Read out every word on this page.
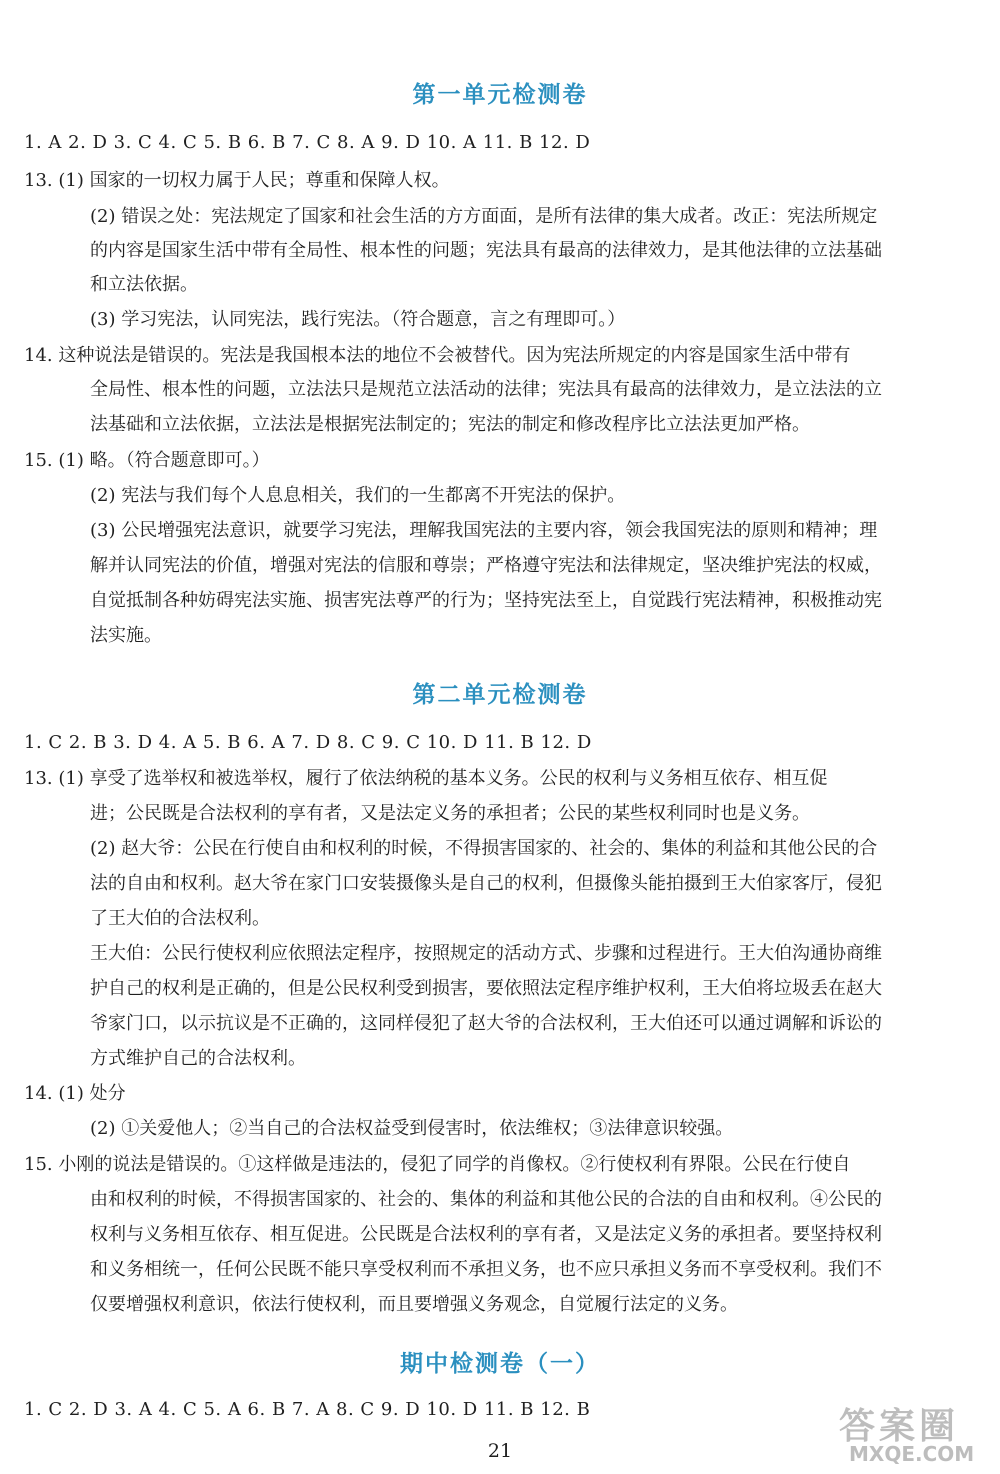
第一单元检测卷
1. A 2. D 3. C 4. C 5. B 6. B 7. C 8. A 9. D 10. A 11. B 12. D
13. (1) 国家的一切权力属于人民；尊重和保障人权。
(2) 错误之处：宪法规定了国家和社会生活的方方面面，是所有法律的集大成者。改正：宪法所规定
的内容是国家生活中带有全局性、根本性的问题；宪法具有最高的法律效力，是其他法律的立法基础
和立法依据。
(3) 学习宪法，认同宪法，践行宪法。（符合题意，言之有理即可。）
14. 这种说法是错误的。宪法是我国根本法的地位不会被替代。因为宪法所规定的内容是国家生活中带有
全局性、根本性的问题，立法法只是规范立法活动的法律；宪法具有最高的法律效力，是立法法的立
法基础和立法依据，立法法是根据宪法制定的；宪法的制定和修改程序比立法法更加严格。
15. (1) 略。（符合题意即可。）
(2) 宪法与我们每个人息息相关，我们的一生都离不开宪法的保护。
(3) 公民增强宪法意识，就要学习宪法，理解我国宪法的主要内容，领会我国宪法的原则和精神；理
解并认同宪法的价值，增强对宪法的信服和尊崇；严格遵守宪法和法律规定，坚决维护宪法的权威，
自觉抵制各种妨碍宪法实施、损害宪法尊严的行为；坚持宪法至上，自觉践行宪法精神，积极推动宪
法实施。
第二单元检测卷
1. C 2. B 3. D 4. A 5. B 6. A 7. D 8. C 9. C 10. D 11. B 12. D
13. (1) 享受了选举权和被选举权，履行了依法纳税的基本义务。公民的权利与义务相互依存、相互促
进；公民既是合法权利的享有者，又是法定义务的承担者；公民的某些权利同时也是义务。
(2) 赵大爷：公民在行使自由和权利的时候，不得损害国家的、社会的、集体的利益和其他公民的合
法的自由和权利。赵大爷在家门口安装摄像头是自己的权利，但摄像头能拍摄到王大伯家客厅，侵犯
了王大伯的合法权利。
王大伯：公民行使权利应依照法定程序，按照规定的活动方式、步骤和过程进行。王大伯沟通协商维
护自己的权利是正确的，但是公民权利受到损害，要依照法定程序维护权利，王大伯将垃圾丢在赵大
爷家门口，以示抗议是不正确的，这同样侵犯了赵大爷的合法权利，王大伯还可以通过调解和诉讼的
方式维护自己的合法权利。
14. (1) 处分
(2) ①关爱他人；②当自己的合法权益受到侵害时，依法维权；③法律意识较强。
15. 小刚的说法是错误的。①这样做是违法的，侵犯了同学的肖像权。②行使权利有界限。公民在行使自
由和权利的时候，不得损害国家的、社会的、集体的利益和其他公民的合法的自由和权利。④公民的
权利与义务相互依存、相互促进。公民既是合法权利的享有者，又是法定义务的承担者。要坚持权利
和义务相统一，任何公民既不能只享受权利而不承担义务，也不应只承担义务而不享受权利。我们不
仅要增强权利意识，依法行使权利，而且要增强义务观念，自觉履行法定的义务。
期中检测卷（一）
1. C 2. D 3. A 4. C 5. A 6. B 7. A 8. C 9. D 10. D 11. B 12. B
21
答案圈
MXQE.COM
